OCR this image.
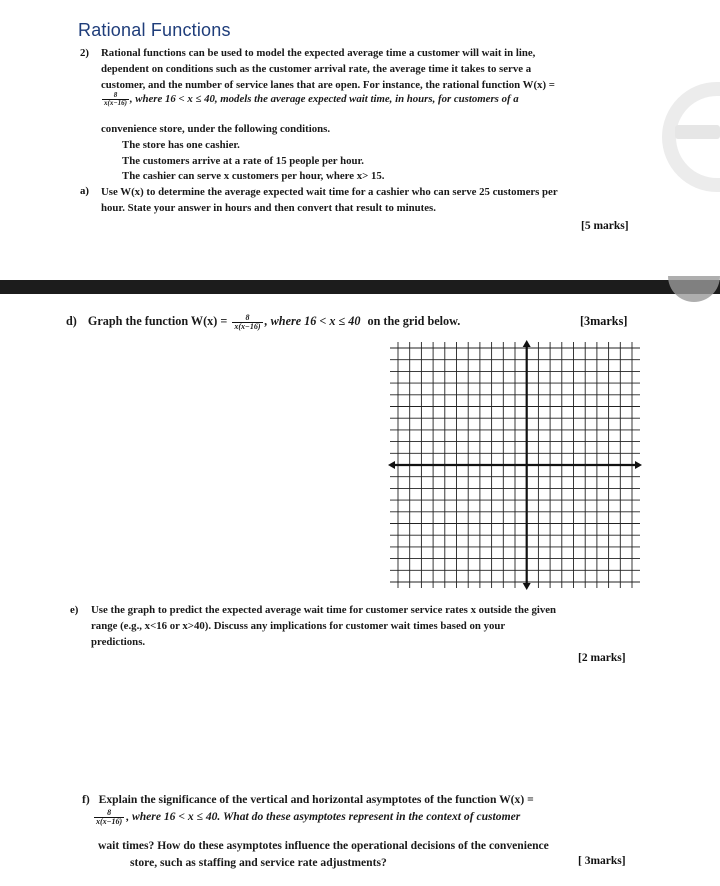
Rational Functions
2) Rational functions can be used to model the expected average time a customer will wait in line,
dependent on conditions such as the customer arrival rate, the average time it takes to serve a
customer, and the number of service lanes that are open. For instance, the rational function W(x) =
$\frac{8}{x(x-16)}$ , where 16 < x ≤ 40, models the average expected wait time, in hours, for customers of a
convenience store, under the following conditions.
The store has one cashier.
The customers arrive at a rate of 15 people per hour.
The cashier can serve x customers per hour, where x> 15.
a) Use W(x) to determine the average expected wait time for a cashier who can serve 25 customers per
hour. State your answer in hours and then convert that result to minutes.
[5 marks]
d) Graph the function $W(x) = \frac{8}{x(x-16)}$ , where 16 < x ≤ 40 on the grid below.	[3marks]
e) Use the graph to predict the expected average wait time for customer service rates x outside the given
range (e.g., x<16 or x>40). Discuss any implications for customer wait times based on your
predictions.
[2 marks]
f) Explain the significance of the vertical and horizontal asymptotes of the function W(x) =
$\frac{8}{x(x-16)}$ , where 16 < x ≤ 40. What do these asymptotes represent in the context of customer
wait times? How do these asymptotes influence the operational decisions of the convenience
store, such as staffing and service rate adjustments?	[ 3marks]
